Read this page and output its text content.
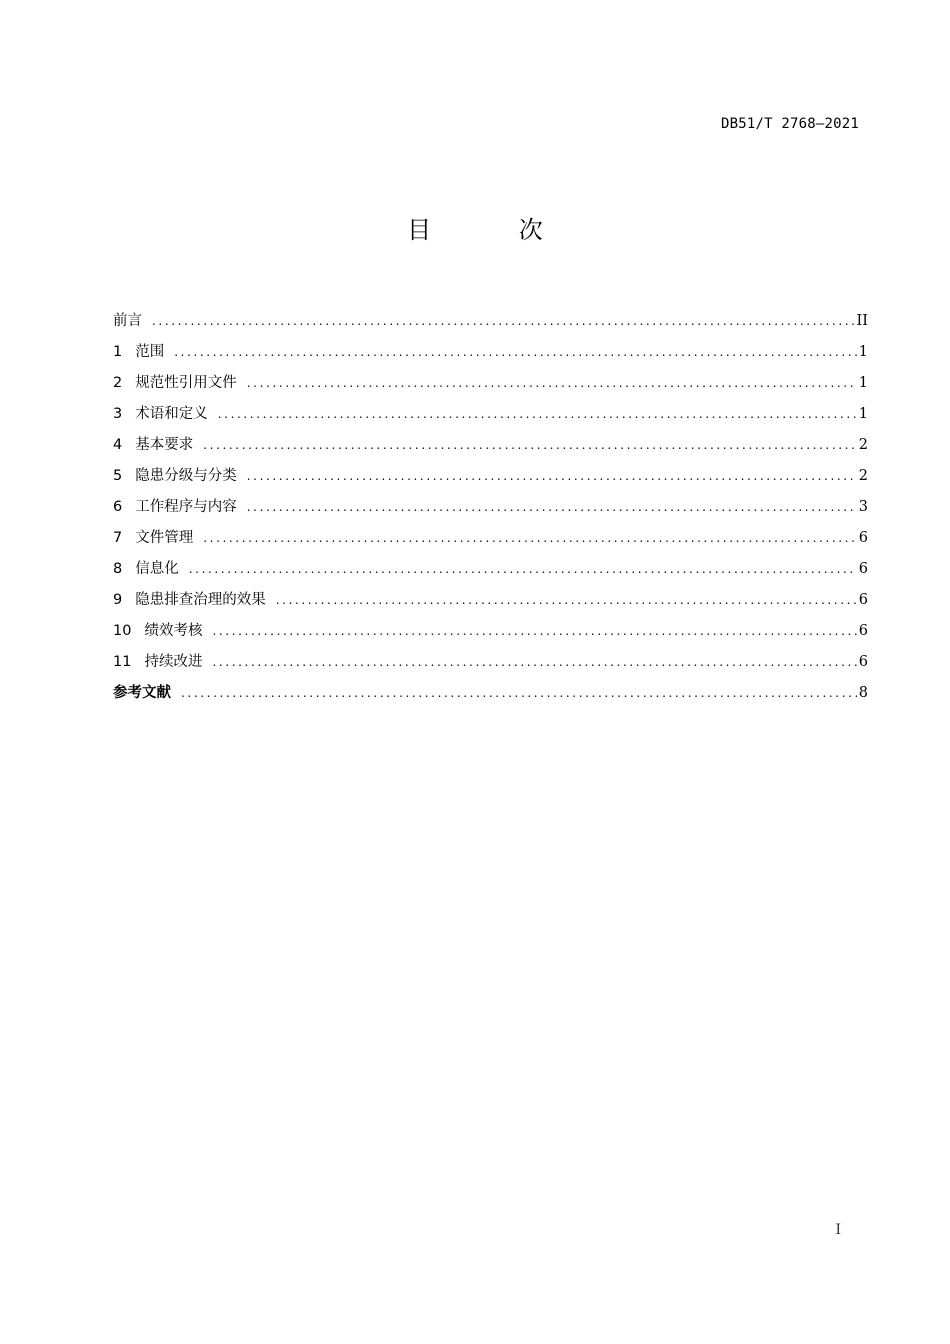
DB51/T 2768—2021
目 次
前言 .....	II
1 范围 .....	1
2 规范性引用文件 .....	1
3 术语和定义 .....	1
4 基本要求 .....	2
5 隐患分级与分类 .....	2
6 工作程序与内容 .....	3
7 文件管理 .....	6
8 信息化 .....	6
9 隐患排查治理的效果 .....	6
10 绩效考核 .....	6
11 持续改进 .....	6
参考文献 .....	8
I
